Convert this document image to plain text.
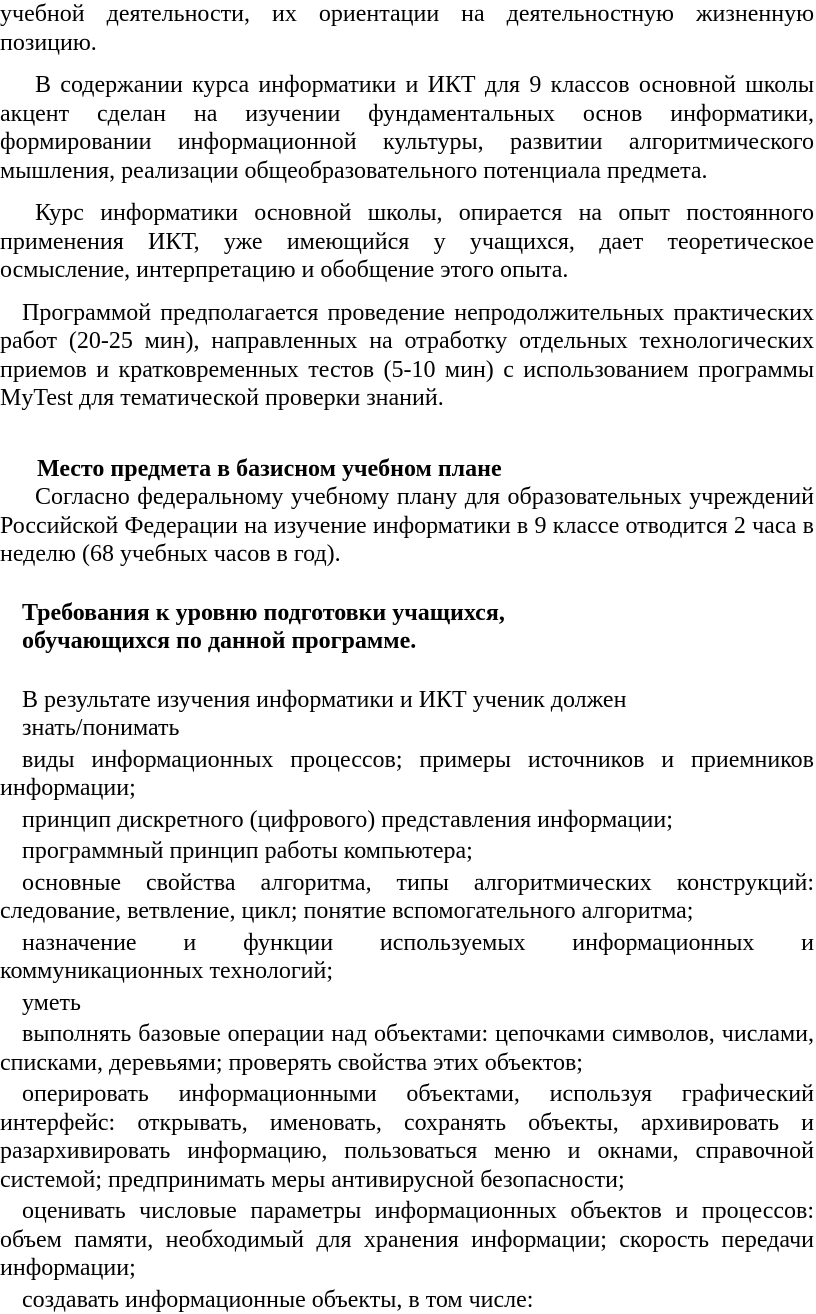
учебной деятельности, их ориентации на деятельностную жизненную позицию.

В содержании курса информатики и ИКТ для 9 классов основной школы акцент сделан на изучении фундаментальных основ информатики, формировании информационной культуры, развитии алгоритмического мышления, реализации общеобразовательного потенциала предмета.

Курс информатики основной школы, опирается на опыт постоянного применения ИКТ, уже имеющийся у учащихся, дает теоретическое осмысление, интерпретацию и обобщение этого опыта.

Программой предполагается проведение непродолжительных практических работ (20-25 мин), направленных на отработку отдельных технологических приемов и кратковременных тестов (5-10 мин) с использованием программы MyTest для тематической проверки знаний.

Место предмета в базисном учебном плане

Согласно федеральному учебному плану для образовательных учреждений Российской Федерации на изучение информатики в 9 классе отводится 2 часа в неделю (68 учебных часов в год).

Требования к уровню подготовки учащихся,

обучающихся по данной программе.

В результате изучения информатики и ИКТ ученик должен

знать/понимать

виды информационных процессов; примеры источников и приемников информации;

принцип дискретного (цифрового) представления информации;

программный принцип работы компьютера;

основные свойства алгоритма, типы алгоритмических конструкций: следование, ветвление, цикл; понятие вспомогательного алгоритма;

назначение и функции используемых информационных и коммуникационных технологий;

уметь

выполнять базовые операции над объектами: цепочками символов, числами, списками, деревьями; проверять свойства этих объектов;

оперировать информационными объектами, используя графический интерфейс: открывать, именовать, сохранять объекты, архивировать и разархивировать информацию, пользоваться меню и окнами, справочной системой; предпринимать меры антивирусной безопасности;

оценивать числовые параметры информационных объектов и процессов: объем памяти, необходимый для хранения информации; скорость передачи информации;

создавать информационные объекты, в том числе:
